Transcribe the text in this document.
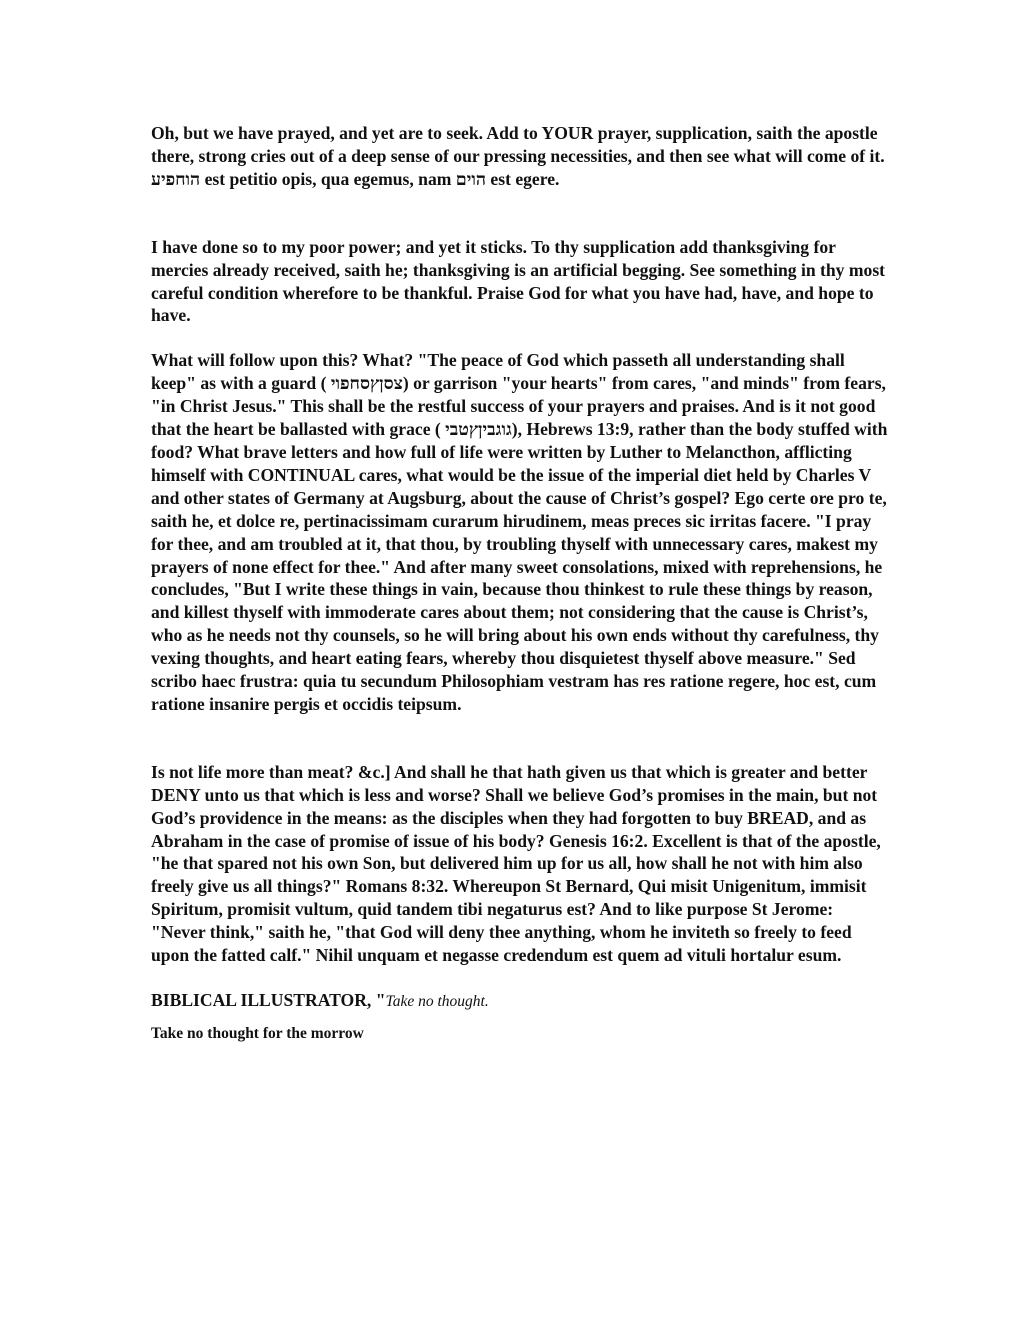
Oh, but we have prayed, and yet are to seek. Add to YOUR prayer, supplication, saith the apostle there, strong cries out of a deep sense of our pressing necessities, and then see what will come of it. הוחפיע est petitio opis, qua egemus, nam הוים est egere.

I have done so to my poor power; and yet it sticks. To thy supplication add thanksgiving for mercies already received, saith he; thanksgiving is an artificial begging. See something in thy most careful condition wherefore to be thankful. Praise God for what you have had, have, and hope to have.

What will follow upon this? What? "The peace of God which passeth all understanding shall keep" as with a guard ( צסןץסחפוי) or garrison "your hearts" from cares, "and minds" from fears, "in Christ Jesus." This shall be the restful success of your prayers and praises. And is it not good that the heart be ballasted with grace ( גוגביןץטבי), Hebrews 13:9, rather than the body stuffed with food? What brave letters and how full of life were written by Luther to Melancthon, afflicting himself with CONTINUAL cares, what would be the issue of the imperial diet held by Charles V and other states of Germany at Augsburg, about the cause of Christ’s gospel? Ego certe ore pro te, saith he, et dolce re, pertinacissimam curarum hirudinem, meas preces sic irritas facere. "I pray for thee, and am troubled at it, that thou, by troubling thyself with unnecessary cares, makest my prayers of none effect for thee." And after many sweet consolations, mixed with reprehensions, he concludes, "But I write these things in vain, because thou thinkest to rule these things by reason, and killest thyself with immoderate cares about them; not considering that the cause is Christ’s, who as he needs not thy counsels, so he will bring about his own ends without thy carefulness, thy vexing thoughts, and heart eating fears, whereby thou disquietest thyself above measure." Sed scribo haec frustra: quia tu secundum Philosophiam vestram has res ratione regere, hoc est, cum ratione insanire pergis et occidis teipsum.

Is not life more than meat? &c.] And shall he that hath given us that which is greater and better DENY unto us that which is less and worse? Shall we believe God’s promises in the main, but not God’s providence in the means: as the disciples when they had forgotten to buy BREAD, and as Abraham in the case of promise of issue of his body? Genesis 16:2. Excellent is that of the apostle, "he that spared not his own Son, but delivered him up for us all, how shall he not with him also freely give us all things?" Romans 8:32. Whereupon St Bernard, Qui misit Unigenitum, immisit Spiritum, promisit vultum, quid tandem tibi negaturus est? And to like purpose St Jerome: "Never think," saith he, "that God will deny thee anything, whom he inviteth so freely to feed upon the fatted calf." Nihil unquam et negasse credendum est quem ad vituli hortalur esum.

BIBLICAL ILLUSTRATOR, "Take no thought.

Take no thought for the morrow
